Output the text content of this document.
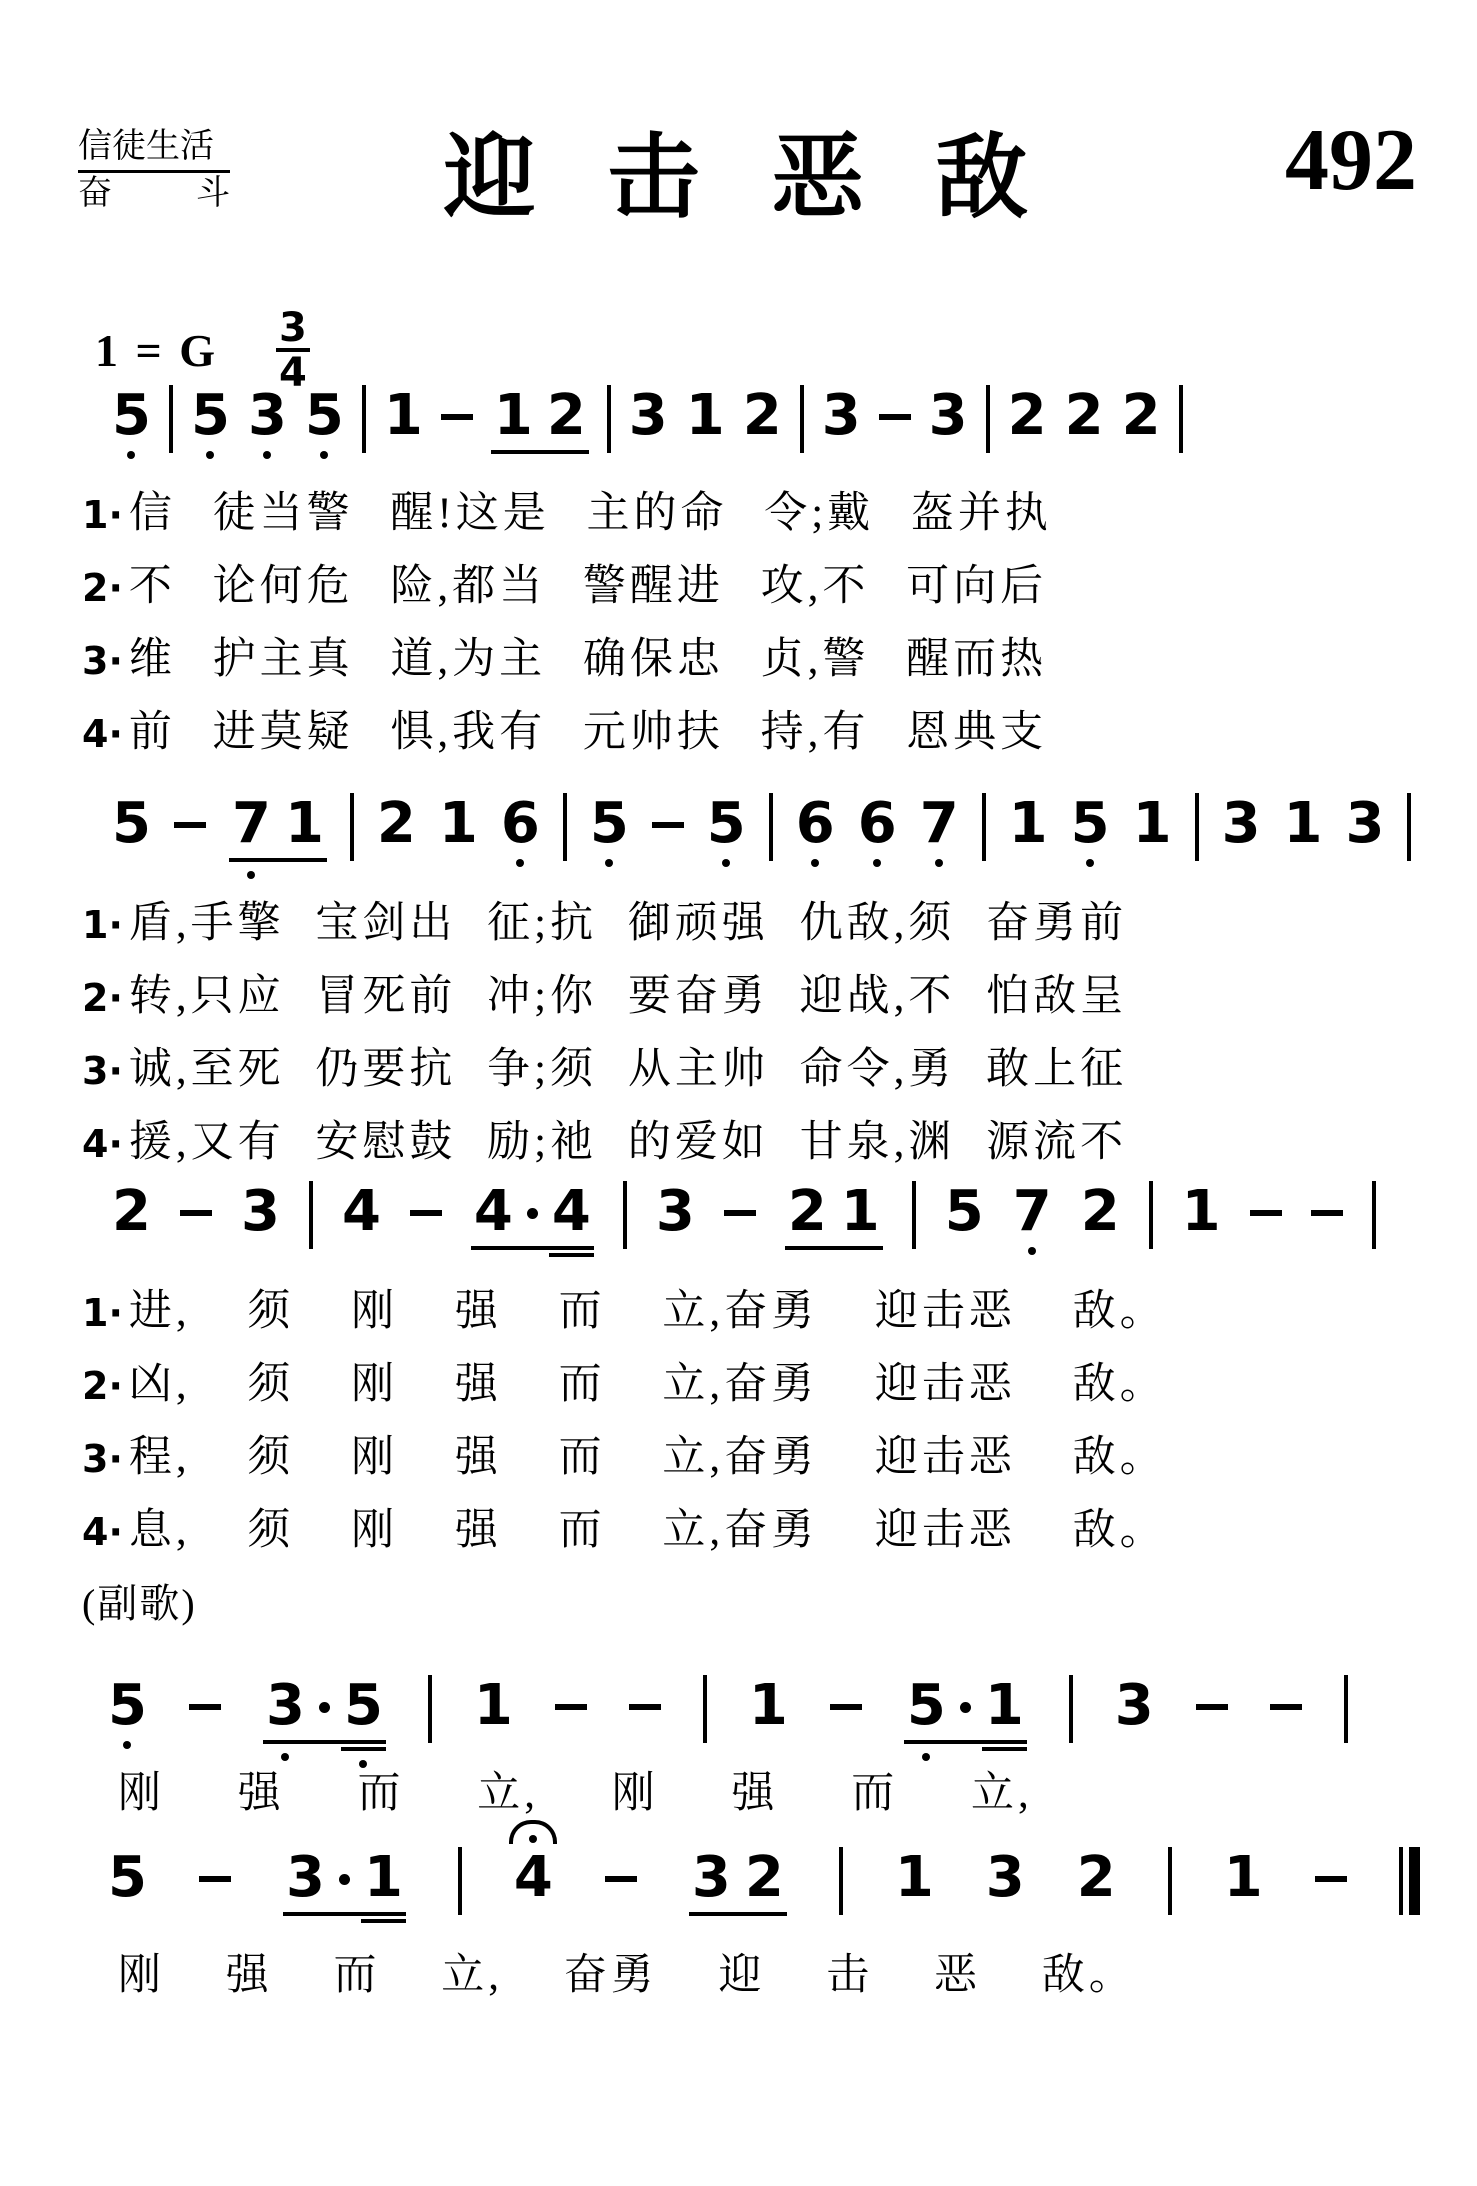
信徒生活
奋 斗	迎 击 恶 敌	492
1 = G $\frac{3}{4}$
5 5 3 5 1 1 2 3 1 2 3 3 2 2 2
1· 信 徒当警 醒!这是 主的命 令;戴 盔并执
2· 不 论何危 险,都当 警醒进 攻,不 可向后
3· 维 护主真 道,为主 确保忠 贞,警 醒而热
4· 前 进莫疑 惧,我有 元帅扶 持,有 恩典支
5 7 1 2 1 6 5 5 6 6 7 1 5 1 3 1 3
1· 盾,手擎 宝剑出 征;抗 御顽强 仇敌,须 奋勇前
2· 转,只应 冒死前 冲;你 要奋勇 迎战,不 怕敌呈
3· 诚,至死 仍要抗 争;须 从主帅 命令,勇 敢上征
4· 援,又有 安慰鼓 励;祂 的爱如 甘泉,渊 源流不
2 3 4 4 4 3 2 1 5 7 2 1
1· 进, 须 刚 强 而 立,奋勇 迎击恶 敌。
2· 凶, 须 刚 强 而 立,奋勇 迎击恶 敌。
3· 程, 须 刚 强 而 立,奋勇 迎击恶 敌。
4· 息, 须 刚 强 而 立,奋勇 迎击恶 敌。
(副歌)
5 3 5 1	1 5 1 3
刚 强 而 立, 刚 强 而 立,
5 3 1 4 3 2 1 3 2 1
刚 强 而 立, 奋勇 迎 击 恶 敌。
